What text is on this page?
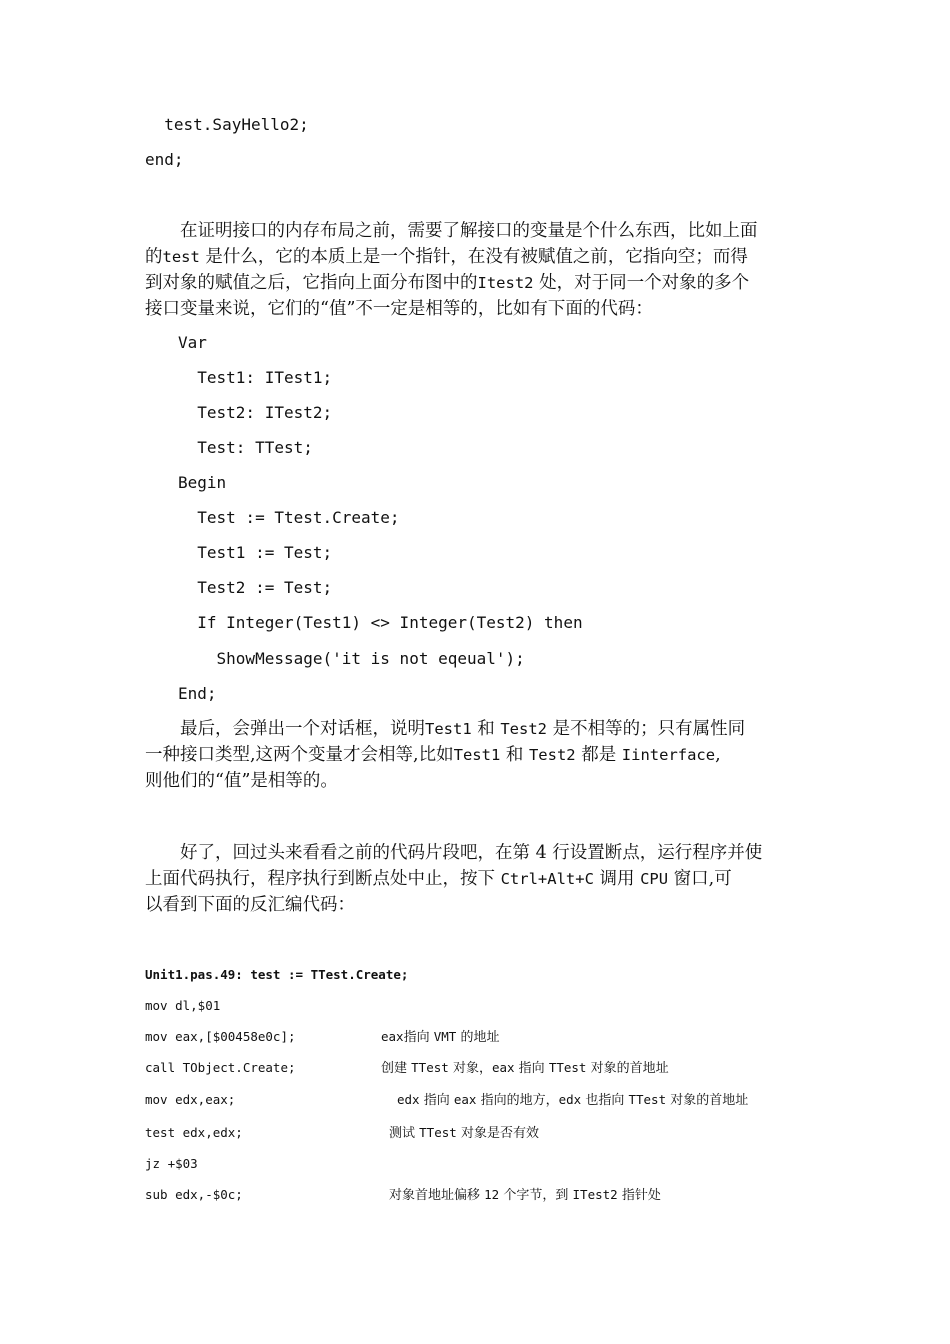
test.SayHello2;
end;
在证明接口的内存布局之前，需要了解接口的变量是个什么东西，比如上面
的test 是什么，它的本质上是一个指针，在没有被赋值之前，它指向空；而得
到对象的赋值之后，它指向上面分布图中的Itest2 处，对于同一个对象的多个
接口变量来说，它们的“值”不一定是相等的，比如有下面的代码：
Var
Test1: ITest1;
Test2: ITest2;
Test: TTest;
Begin
Test := Ttest.Create;
Test1 := Test;
Test2 := Test;
If Integer(Test1) <> Integer(Test2) then
ShowMessage('it is not eqeual');
End;
最后，会弹出一个对话框，说明Test1 和 Test2 是不相等的；只有属性同
一种接口类型,这两个变量才会相等,比如Test1 和 Test2 都是 Iinterface,
则他们的“值”是相等的。
好了，回过头来看看之前的代码片段吧，在第 4 行设置断点，运行程序并使
上面代码执行，程序执行到断点处中止，按下 Ctrl+Alt+C 调用 CPU 窗口,可
以看到下面的反汇编代码：
Unit1.pas.49: test := TTest.Create;
mov dl,$01
mov eax,[$00458e0c];	eax指向 VMT 的地址
call TObject.Create;	创建 TTest 对象，eax 指向 TTest 对象的首地址
mov edx,eax;	edx 指向 eax 指向的地方，edx 也指向 TTest 对象的首地址
test edx,edx;	测试 TTest 对象是否有效
jz +$03
sub edx,-$0c;	对象首地址偏移 12 个字节，到 ITest2 指针处
